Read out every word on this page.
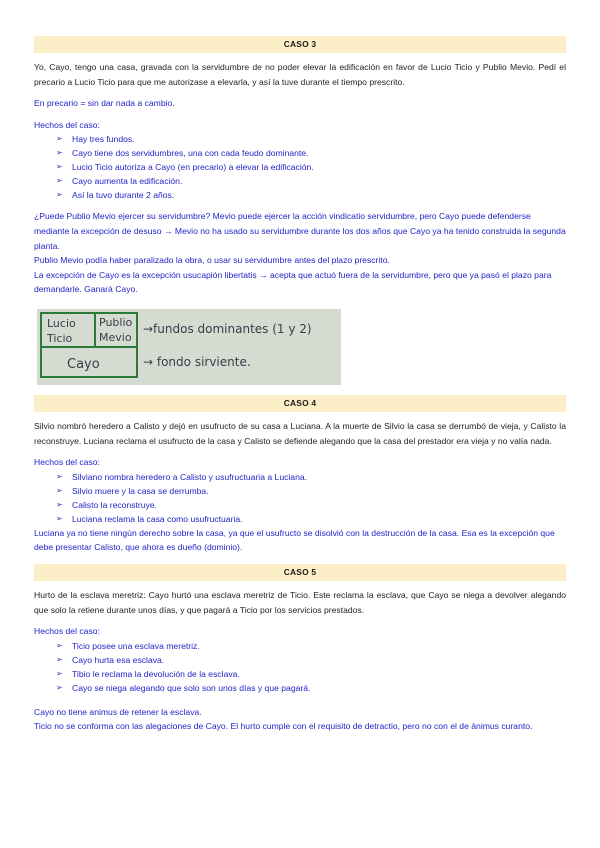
CASO 3
Yo, Cayo, tengo una casa, gravada con la servidumbre de no poder elevar la edificación en favor de Lucio Ticio y Publio Mevio. Pedí el precario a Lucio Ticio para que me autorizase a elevarla, y así la tuve durante el tiempo prescrito.
En precario = sin dar nada a cambio.
Hechos del caso:
➢ Hay tres fundos.
➢ Cayo tiene dos servidumbres, una con cada feudo dominante.
➢ Lucio Ticio autoriza a Cayo (en precario) a elevar la edificación.
➢ Cayo aumenta la edificación.
➢ Así la tuvo durante 2 años.
¿Puede Publio Mevio ejercer su servidumbre? Mevio puede ejercer la acción vindicatio servidumbre, pero Cayo puede defenderse mediante la excepción de desuso → Mevio no ha usado su servidumbre durante los dos años que Cayo ya ha tenido construida la segunda planta.
Publio Mevio podía haber paralizado la obra, o usar su servidumbre antes del plazo prescrito.
La excepción de Cayo es la excepción usucapión libertatis → acepta que actuó fuera de la servidumbre, pero que ya pasó el plazo para demandarle. Ganará Cayo.
Lucio Ticio
Publio Mevio
Cayo
→fundos dominantes (1 y 2)
→ fondo sirviente.
CASO 4
Silvio nombró heredero a Calisto y dejó en usufructo de su casa a Luciana. A la muerte de Silvio la casa se derrumbó de vieja, y Calisto la reconstruye. Luciana reclama el usufructo de la casa y Calisto se defiende alegando que la casa del prestador era vieja y no valía nada.
Hechos del caso:
➢ Silviano nombra heredero a Calisto y usufructuaria a Luciana.
➢ Silvio muere y la casa se derrumba.
➢ Calisto la reconstruye.
➢ Luciana reclama la casa como usufructuaria.
Luciana ya no tiene ningún derecho sobre la casa, ya que el usufructo se disolvió con la destrucción de la casa. Esa es la excepción que debe presentar Calisto, que ahora es dueño (dominio).
CASO 5
Hurto de la esclava meretriz: Cayo hurtó una esclava meretriz de Ticio. Este reclama la esclava, que Cayo se niega a devolver alegando que solo la retiene durante unos días, y que pagará a Ticio por los servicios prestados.
Hechos del caso:
➢ Ticio posee una esclava meretriz.
➢ Cayo hurta esa esclava.
➢ Tibio le reclama la devolución de la esclava.
➢ Cayo se niega alegando que solo son unos días y que pagará.
Cayo no tiene animus de retener la esclava.
Ticio no se conforma con las alegaciones de Cayo. El hurto cumple con el requisito de detractio, pero no con el de ánimus curanto.
